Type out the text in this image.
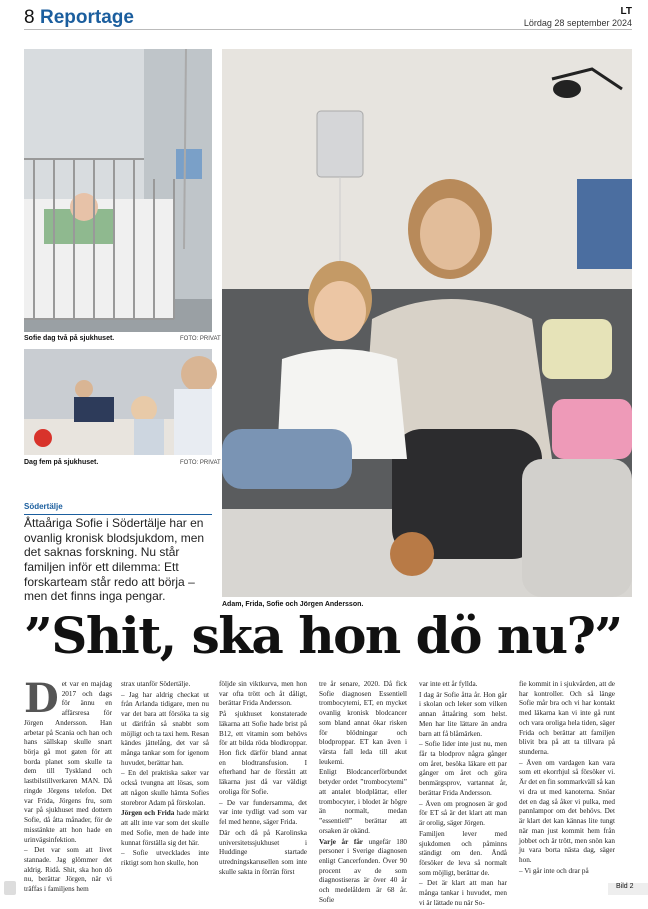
8 Reportage	LT
Lördag 28 september 2024
Sofie dag två på sjukhuset.	FOTO: PRIVAT
Dag fem på sjukhuset.	FOTO: PRIVAT
Adam, Frida, Sofie och Jörgen Andersson.
Södertälje
Åttaåriga Sofie i Södertälje har en ovanlig kronisk blodsjukdom, men det saknas forskning. Nu står familjen inför ett dilemma: Ett forskarteam står redo att börja – men det finns inga pengar.
”Shit, ska hon dö nu?”
D et var en majdag 2017 och dags för ännu en affärsresa för Jörgen Andersson. Han arbetar på Scania och han och hans sällskap skulle snart börja gå mot gaten för att borda planet som skulle ta dem till Tyskland och lastbilstillverkaren MAN. Då ringde Jörgens telefon. Det var Frida, Jörgens fru, som var på sjukhuset med dottern Sofie, då åtta månader, för de misstänkte att hon hade en urinvägsinfektion.

– Det var som att livet stannade. Jag glömmer det aldrig. Ridå. Shit, ska hon dö nu, berättar Jörgen, när vi träffas i familjens hem

strax utanför Södertälje.

– Jag har aldrig checkat ut från Arlanda tidigare, men nu var det bara att försöka ta sig ut därifrån så snabbt som möjligt och ta taxi hem. Resan kändes jättelång, det var så många tankar som for igenom huvudet, berättar han.

– En del praktiska saker var också tvungna att lösas, som att någon skulle hämta Sofies storebror Adam på förskolan.

Jörgen och Frida hade märkt att allt inte var som det skulle med Sofie, men de hade inte kunnat förställa sig det här.

– Sofie utvecklades inte riktigt som hon skulle, hon

följde sin viktkurva, men hon var ofta trött och åt dåligt, berättar Frida Andersson.

På sjukhuset konstaterade läkarna att Sofie hade brist på B12, ett vitamin som behövs för att bilda röda blodkroppar. Hon fick därför bland annat en blodtransfusion. I efterhand har de förstått att läkarna just då var väldigt oroliga för Sofie.

– De var fundersamma, det var inte tydligt vad som var fel med henne, säger Frida.

Där och då på Karolinska universitetssjukhuset i Huddinge startade utredningskarusellen som inte skulle sakta in förrän först

tre år senare, 2020. Då fick Sofie diagnosen Essentiell trombocytemi, ET, en mycket ovanlig kronisk blodcancer som bland annat ökar risken för blödningar och blodproppar. ET kan även i värsta fall leda till akut leukemi.

Enligt Blodcancerförbundet betyder ordet ”trombocytemi” att antalet blodplättar, eller trombocyter, i blodet är högre än normalt, medan ”essentiell” berättar att orsaken är okänd.

Varje år får ungefär 180 personer i Sverige diagnosen enligt Cancerfonden. Över 90 procent av de som diagnostiseras är över 40 år och medelåldern är 68 år. Sofie

var inte ett år fyllda.

I dag är Sofie åtta år. Hon går i skolan och leker som vilken annan åttaåring som helst. Men har lite lättare än andra barn att få blåmärken.

– Sofie lider inte just nu, men får ta blodprov några gånger om året, besöka läkare ett par gånger om året och göra benmärgsprov, vartannat år, berättar Frida Andersson.

– Även om prognosen är god för ET så är det klart att man är orolig, säger Jörgen.

Familjen lever med sjukdomen och påminns ständigt om den. Ändå försöker de leva så normalt som möjligt, berättar de.

– Det är klart att man har många tankar i huvudet, men vi är lättade nu när So-

fie kommit in i sjukvården, att de har kontroller. Och så länge Sofie mår bra och vi har kontakt med läkarna kan vi inte gå runt och vara oroliga hela tiden, säger Frida och berättar att familjen blivit bra på att ta tillvara på stunderna.

– Även om vardagen kan vara som ett ekorrhjul så försöker vi. Är det en fin sommarkväll så kan vi dra ut med kanoterna. Snöar det en dag så åker vi pulka, med pannlampor om det behövs. Det är klart det kan kännas lite tungt när man just kommit hem från jobbet och är trött, men snön kan ju vara borta nästa dag, säger hon.

– Vi går inte och drar på

Bild 2
